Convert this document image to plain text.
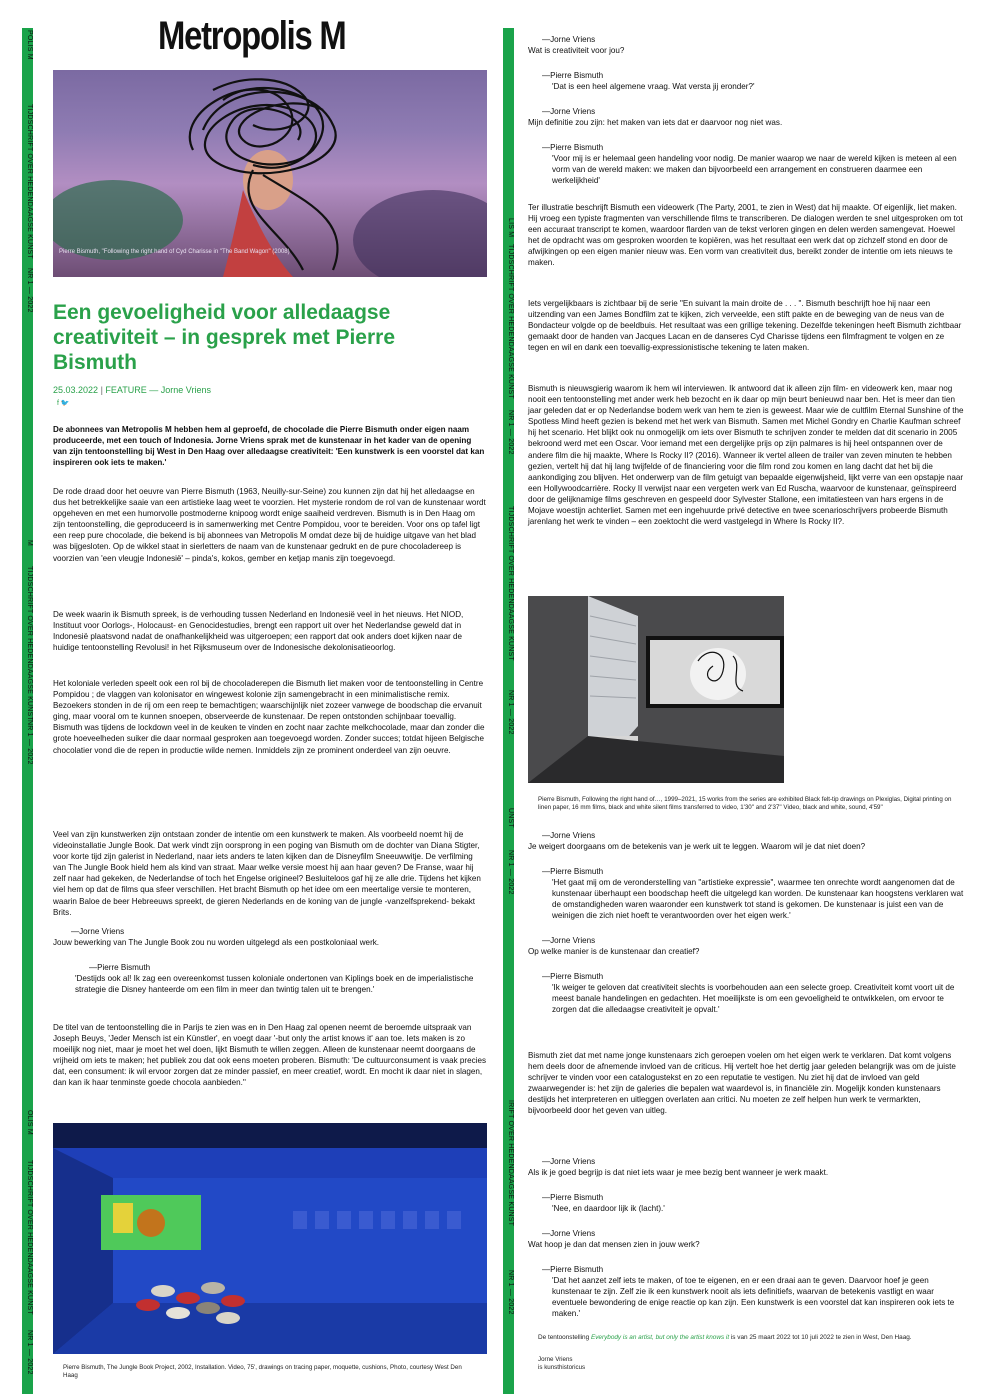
POLIS M
TIJDSCHRIFT OVER HEDENDAAGSE KUNST
NR 1 — 2022
M
TIJDSCHRIFT OVER HEDENDAAGSE KUNST
NR 1 — 2022
OLIS M
TIJDSCHRIFT OVER HEDENDAAGSE KUNST
NR 1 — 2022
LIS M
TIJDSCHRIFT OVER HEDENDAAGSE KUNST
NR 1 — 2022
TIJDSCHRIFT OVER HEDENDAAGSE KUNST
NR 1 — 2022
UNST
NR 1 — 2022
IRIFT OVER HEDENDAAGSE KUNST
NR 1 — 2022
Metropolis M
Pierre Bismuth, "Following the right hand of Cyd Charisse in "The Band Wagon" (2008)
Een gevoeligheid voor alledaagse creativiteit – in gesprek met Pierre Bismuth
25.03.2022 | FEATURE — Jorne Vriens
f 🐦

De abonnees van Metropolis M hebben hem al geproefd, de chocolade die Pierre Bismuth onder eigen naam produceerde, met een touch of Indonesia. Jorne Vriens sprak met de kunstenaar in het kader van de opening van zijn tentoonstelling bij West in Den Haag over alledaagse creativiteit: 'Een kunstwerk is een voorstel dat kan inspireren ook iets te maken.'

De rode draad door het oeuvre van Pierre Bismuth (1963, Neuilly-sur-Seine) zou kunnen zijn dat hij het alledaagse en dus het betrekkelijke saaie van een artistieke laag weet te voorzien. Het mysterie rondom de rol van de kunstenaar wordt opgeheven en met een humorvolle postmoderne knipoog wordt enige saaiheid verdreven. Bismuth is in Den Haag om zijn tentoonstelling, die geproduceerd is in samenwerking met Centre Pompidou, voor te bereiden. Voor ons op tafel ligt een reep pure chocolade, die bekend is bij abonnees van Metropolis M omdat deze bij de huidige uitgave van het blad was bijgesloten. Op de wikkel staat in sierletters de naam van de kunstenaar gedrukt en de pure chocoladereep is voorzien van 'een vleugje Indonesië' – pinda's, kokos, gember en ketjap manis zijn toegevoegd.

De week waarin ik Bismuth spreek, is de verhouding tussen Nederland en Indonesië veel in het nieuws. Het NIOD, Instituut voor Oorlogs-, Holocaust- en Genocidestudies, brengt een rapport uit over het Nederlandse geweld dat in Indonesië plaatsvond nadat de onafhankelijkheid was uitgeroepen; een rapport dat ook anders doet kijken naar de huidige tentoonstelling Revolusi! in het Rijksmuseum over de Indonesische dekolonisatieoorlog.

Het koloniale verleden speelt ook een rol bij de chocoladerepen die Bismuth liet maken voor de tentoonstelling in Centre Pompidou ; de vlaggen van kolonisator en wingewest kolonie zijn samengebracht in een minimalistische remix. Bezoekers stonden in de rij om een reep te bemachtigen; waarschijnlijk niet zozeer vanwege de boodschap die ervanuit ging, maar vooral om te kunnen snoepen, observeerde de kunstenaar. De repen ontstonden schijnbaar toevallig. Bismuth was tijdens de lockdown veel in de keuken te vinden en zocht naar zachte melkchocolade, maar dan zonder die grote hoeveelheden suiker die daar normaal gesproken aan toegevoegd worden. Zonder succes; totdat hijeen Belgische chocolatier vond die de repen in productie wilde nemen. Inmiddels zijn ze prominent onderdeel van zijn oeuvre.

Veel van zijn kunstwerken zijn ontstaan zonder de intentie om een kunstwerk te maken. Als voorbeeld noemt hij de videoinstallatie Jungle Book. Dat werk vindt zijn oorsprong in een poging van Bismuth om de dochter van Diana Stigter, voor korte tijd zijn galerist in Nederland, naar iets anders te laten kijken dan de Disneyfilm Sneeuwwitje. De verfilming van The Jungle Book hield hem als kind van straat. Maar welke versie moest hij aan haar geven? De Franse, waar hij zelf naar had gekeken, de Nederlandse of toch het Engelse origineel? Besluiteloos gaf hij ze alle drie. Tijdens het kijken viel hem op dat de films qua sfeer verschillen. Het bracht Bismuth op het idee om een meertalige versie te monteren, waarin Baloe de beer Hebreeuws spreekt, de gieren Nederlands en de koning van de jungle -vanzelfsprekend- bekakt Brits.

—Jorne Vriens
Jouw bewerking van The Jungle Book zou nu worden uitgelegd als een postkoloniaal werk.
—Pierre Bismuth
'Destijds ook al! Ik zag een overeenkomst tussen koloniale ondertonen van Kiplings boek en de imperialistische strategie die Disney hanteerde om een film in meer dan twintig talen uit te brengen.'

De titel van de tentoonstelling die in Parijs te zien was en in Den Haag zal openen neemt de beroemde uitspraak van Joseph Beuys, 'Jeder Mensch ist ein Künstler', en voegt daar '-but only the artist knows it' aan toe. Iets maken is zo moeilijk nog niet, maar je moet het wel doen, lijkt Bismuth te willen zeggen. Alleen de kunstenaar neemt doorgaans de vrijheid om iets te maken; het publiek zou dat ook eens moeten proberen. Bismuth: 'De cultuurconsument is vaak precies dat, een consument: ik wil ervoor zorgen dat ze minder passief, en meer creatief, wordt. En mocht ik daar niet in slagen, dan kan ik haar tenminste goede chocola aanbieden.''

Pierre Bismuth, The Jungle Book Project, 2002, Installation. Video, 75', drawings on tracing paper, moquette, cushions, Photo, courtesy West Den Haag
—Jorne Vriens
Wat is creativiteit voor jou?
—Pierre Bismuth
'Dat is een heel algemene vraag. Wat versta jij eronder?'
—Jorne Vriens
Mijn definitie zou zijn: het maken van iets dat er daarvoor nog niet was.
—Pierre Bismuth
'Voor mij is er helemaal geen handeling voor nodig. De manier waarop we naar de wereld kijken is meteen al een vorm van de wereld maken: we maken dan bijvoorbeeld een arrangement en construeren daarmee een werkelijkheid'

Ter illustratie beschrijft Bismuth een videowerk (The Party, 2001, te zien in West) dat hij maakte. Of eigenlijk, liet maken. Hij vroeg een typiste fragmenten van verschillende films te transcriberen. De dialogen werden te snel uitgesproken om tot een accuraat transcript te komen, waardoor flarden van de tekst verloren gingen en delen werden samengevat. Hoewel het de opdracht was om gesproken woorden te kopiëren, was het resultaat een werk dat op zichzelf stond en door de afwijkingen op een eigen manier nieuw was. Een vorm van creativiteit dus, bereikt zonder de intentie om iets nieuws te maken.

Iets vergelijkbaars is zichtbaar bij de serie "En suivant la main droite de . . . ". Bismuth beschrijft hoe hij naar een uitzending van een James Bondfilm zat te kijken, zich verveelde, een stift pakte en de beweging van de neus van de Bondacteur volgde op de beeldbuis. Het resultaat was een grillige tekening. Dezelfde tekeningen heeft Bismuth zichtbaar gemaakt door de handen van Jacques Lacan en de danseres Cyd Charisse tijdens een filmfragment te volgen en ze tegen en wil en dank een toevallig-expressionistische tekening te laten maken.

Bismuth is nieuwsgierig waarom ik hem wil interviewen. Ik antwoord dat ik alleen zijn film- en videowerk ken, maar nog nooit een tentoonstelling met ander werk heb bezocht en ik daar op mijn beurt benieuwd naar ben. Het is meer dan tien jaar geleden dat er op Nederlandse bodem werk van hem te zien is geweest. Maar wie de cultfilm Eternal Sunshine of the Spotless Mind heeft gezien is bekend met het werk van Bismuth. Samen met Michel Gondry en Charlie Kaufman schreef hij het scenario. Het blijkt ook nu onmogelijk om iets over Bismuth te schrijven zonder te melden dat dit scenario in 2005 bekroond werd met een Oscar. Voor iemand met een dergelijke prijs op zijn palmares is hij heel ontspannen over de andere film die hij maakte, Where Is Rocky II? (2016). Wanneer ik vertel alleen de trailer van zeven minuten te hebben gezien, vertelt hij dat hij lang twijfelde of de financiering voor die film rond zou komen en lang dacht dat het bij die aankondiging zou blijven. Het onderwerp van de film getuigt van bepaalde eigenwijsheid, lijkt verre van een opstapje naar een Hollywoodcarrière. Rocky II verwijst naar een vergeten werk van Ed Ruscha, waarvoor de kunstenaar, geïnspireerd door de gelijknamige films geschreven en gespeeld door Sylvester Stallone, een imitatiesteen van hars ergens in de Mojave woestijn achterliet. Samen met een ingehuurde privé detective en twee scenarioschrijvers probeerde Bismuth jarenlang het werk te vinden – een zoektocht die werd vastgelegd in Where Is Rocky II?.

Pierre Bismuth, Following the right hand of…, 1999–2021, 15 works from the series are exhibited Black felt-tip drawings on Plexiglas, Digital printing on linen paper, 16 mm films, black and white silent films transferred to video, 1'30'' and 2'37'' Video, black and white, sound, 4'59''
—Jorne Vriens
Je weigert doorgaans om de betekenis van je werk uit te leggen. Waarom wil je dat niet doen?
—Pierre Bismuth
'Het gaat mij om de veronderstelling van "artistieke expressie", waarmee ten onrechte wordt aangenomen dat de kunstenaar überhaupt een boodschap heeft die uitgelegd kan worden. De kunstenaar kan hoogstens verklaren wat de omstandigheden waren waaronder een kunstwerk tot stand is gekomen. De kunstenaar is juist een van de weinigen die zich niet hoeft te verantwoorden over het eigen werk.'
—Jorne Vriens
Op welke manier is de kunstenaar dan creatief?
—Pierre Bismuth
'Ik weiger te geloven dat creativiteit slechts is voorbehouden aan een selecte groep. Creativiteit komt voort uit de meest banale handelingen en gedachten. Het moeilijkste is om een gevoeligheid te ontwikkelen, om ervoor te zorgen dat die alledaagse creativiteit je opvalt.'

Bismuth ziet dat met name jonge kunstenaars zich geroepen voelen om het eigen werk te verklaren. Dat komt volgens hem deels door de afnemende invloed van de criticus. Hij vertelt hoe het dertig jaar geleden belangrijk was om de juiste schrijver te vinden voor een catalogustekst en zo een reputatie te vestigen. Nu ziet hij dat de invloed van geld zwaarwegender is: het zijn de galeries die bepalen wat waardevol is, in financiële zin. Mogelijk konden kunstenaars destijds het interpreteren en uitleggen overlaten aan critici. Nu moeten ze zelf helpen hun werk te vermarkten, bijvoorbeeld door het geven van uitleg.

—Jorne Vriens
Als ik je goed begrijp is dat niet iets waar je mee bezig bent wanneer je werk maakt.
—Pierre Bismuth
'Nee, en daardoor lijk ik (lacht).'
—Jorne Vriens
Wat hoop je dan dat mensen zien in jouw werk?
—Pierre Bismuth
'Dat het aanzet zelf iets te maken, of toe te eigenen, en er een draai aan te geven. Daarvoor hoef je geen kunstenaar te zijn. Zelf zie ik een kunstwerk nooit als iets definitiefs, waarvan de betekenis vastligt en waar eventuele bewondering de enige reactie op kan zijn. Een kunstwerk is een voorstel dat kan inspireren ook iets te maken.'
De tentoonstelling Everybody is an artist, but only the artist knows it is van 25 maart 2022 tot 10 juli 2022 te zien in West, Den Haag.
Jorne Vriens
is kunsthistoricus
